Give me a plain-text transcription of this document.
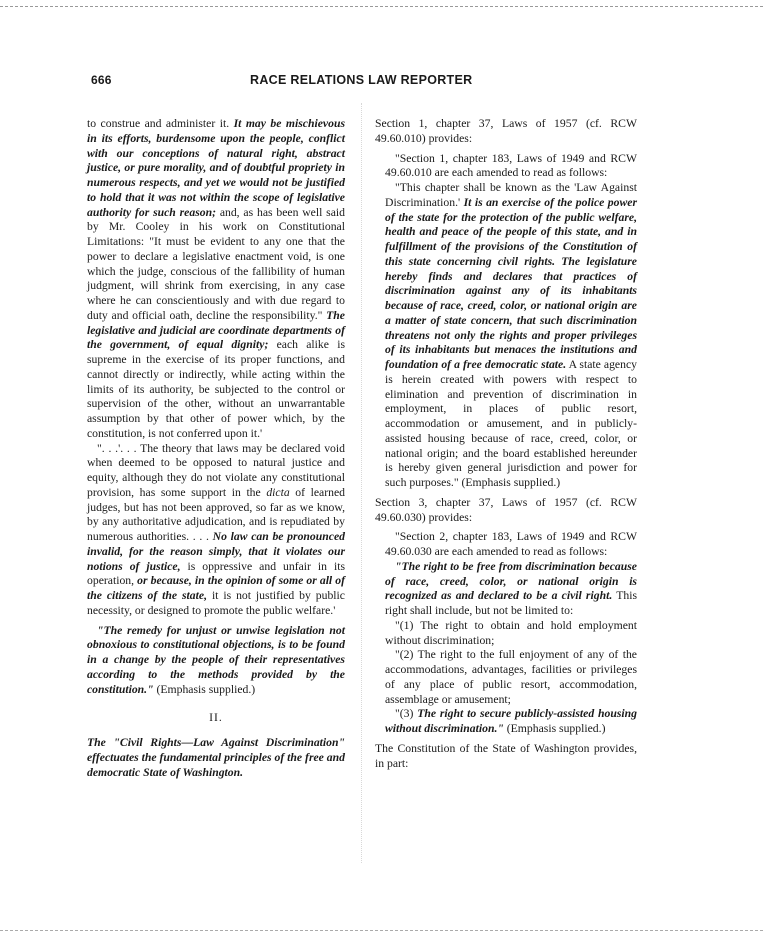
666	RACE RELATIONS LAW REPORTER

to construe and administer it. It may be mischievous in its efforts, burdensome upon the people, conflict with our conceptions of natural right, abstract justice, or pure morality, and of doubtful propriety in numerous respects, and yet we would not be justified to hold that it was not within the scope of legislative authority for such reason; and, as has been well said by Mr. Cooley in his work on Constitutional Limitations: "It must be evident to any one that the power to declare a legislative enactment void, is one which the judge, conscious of the fallibility of human judgment, will shrink from exercising, in any case where he can conscientiously and with due regard to duty and official oath, decline the responsibility." The legislative and judicial are coordinate departments of the government, of equal dignity; each alike is supreme in the exercise of its proper functions, and cannot directly or indirectly, while acting within the limits of its authority, be subjected to the control or supervision of the other, without an unwarrantable assumption by that other of power which, by the constitution, is not conferred upon it.'

". . .'. . . The theory that laws may be declared void when deemed to be opposed to natural justice and equity, although they do not violate any constitutional provision, has some support in the dicta of learned judges, but has not been approved, so far as we know, by any authoritative adjudication, and is repudiated by numerous authorities. . . . No law can be pronounced invalid, for the reason simply, that it violates our notions of justice, is oppressive and unfair in its operation, or because, in the opinion of some or all of the citizens of the state, it is not justified by public necessity, or designed to promote the public welfare.'

"The remedy for unjust or unwise legislation not obnoxious to constitutional objections, is to be found in a change by the people of their representatives according to the methods provided by the constitution." (Emphasis supplied.)

II.

The "Civil Rights—Law Against Discrimination" effectuates the fundamental principles of the free and democratic State of Washington.

Section 1, chapter 37, Laws of 1957 (cf. RCW 49.60.010) provides:

"Section 1, chapter 183, Laws of 1949 and RCW 49.60.010 are each amended to read as follows:

"This chapter shall be known as the 'Law Against Discrimination.' It is an exercise of the police power of the state for the protection of the public welfare, health and peace of the people of this state, and in fulfillment of the provisions of the Constitution of this state concerning civil rights. The legislature hereby finds and declares that practices of discrimination against any of its inhabitants because of race, creed, color, or national origin are a matter of state concern, that such discrimination threatens not only the rights and proper privileges of its inhabitants but menaces the institutions and foundation of a free democratic state. A state agency is herein created with powers with respect to elimination and prevention of discrimination in employment, in places of public resort, accommodation or amusement, and in publicly-assisted housing because of race, creed, color, or national origin; and the board established hereunder is hereby given general jurisdiction and power for such purposes." (Emphasis supplied.)

Section 3, chapter 37, Laws of 1957 (cf. RCW 49.60.030) provides:

"Section 2, chapter 183, Laws of 1949 and RCW 49.60.030 are each amended to read as follows:

"The right to be free from discrimination because of race, creed, color, or national origin is recognized as and declared to be a civil right. This right shall include, but not be limited to:

"(1) The right to obtain and hold employment without discrimination;

"(2) The right to the full enjoyment of any of the accommodations, advantages, facilities or privileges of any place of public resort, accommodation, assemblage or amusement;

"(3) The right to secure publicly-assisted housing without discrimination." (Emphasis supplied.)

The Constitution of the State of Washington provides, in part:
